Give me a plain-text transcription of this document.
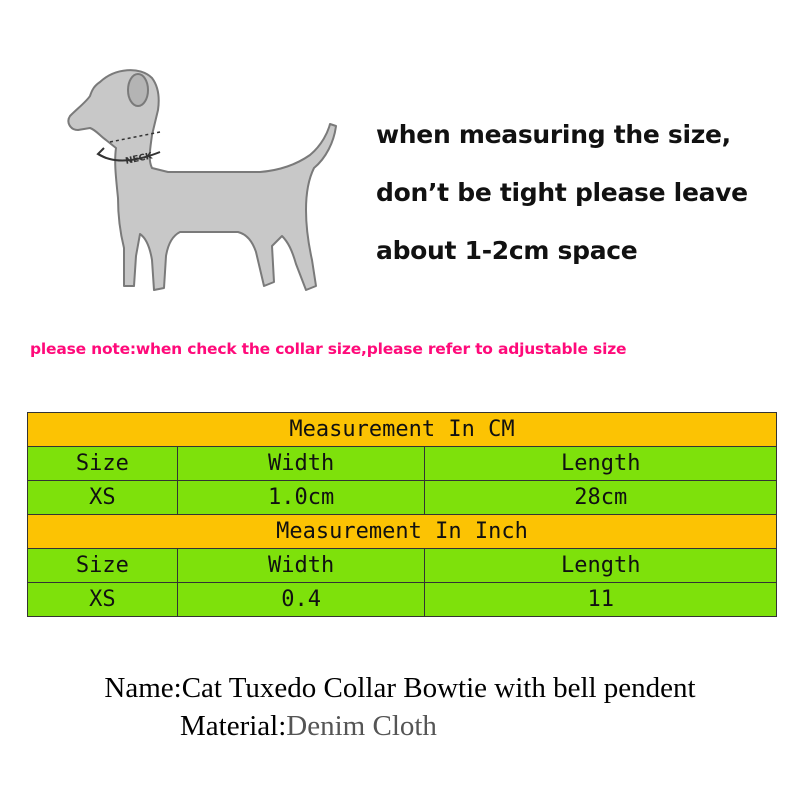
NECK
when measuring the size,
don’t be tight please leave
about 1-2cm space
please note:when check the collar size,please refer to adjustable size
Measurement In CM		
Size	Width	Length
XS	1.0cm	28cm
Measurement In Inch		
Size	Width	Length
XS	0.4	11
Name:Cat Tuxedo Collar Bowtie with bell pendent
Material:Denim Cloth
